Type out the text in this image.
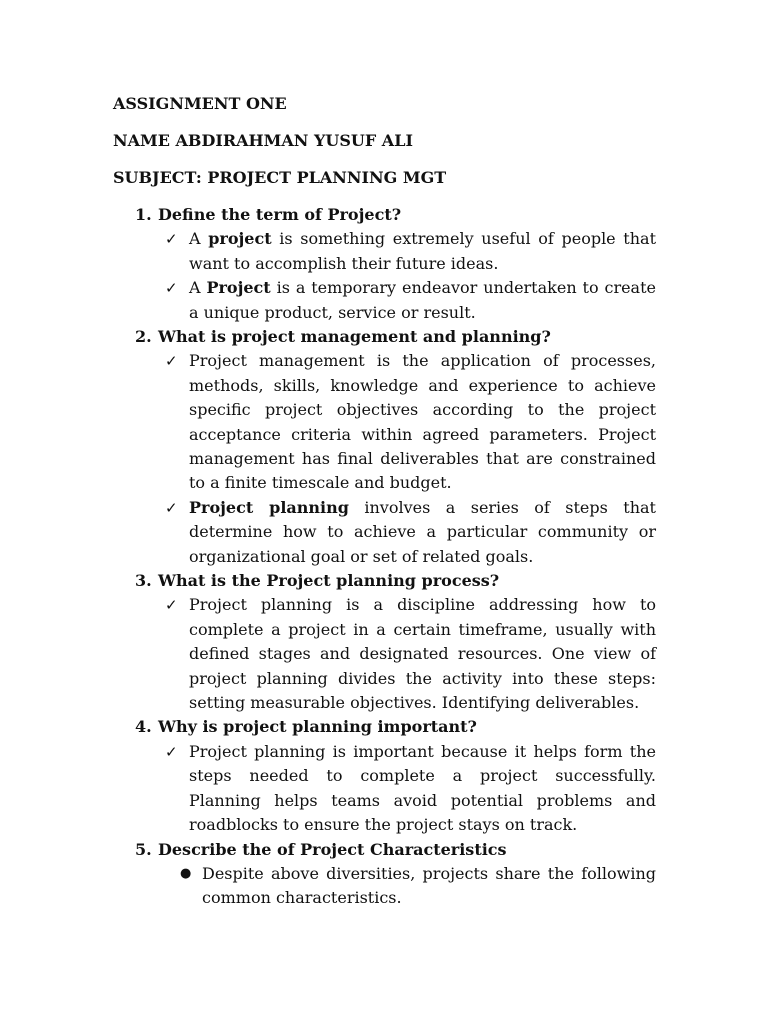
ASSIGNMENT ONE
NAME ABDIRAHMAN YUSUF ALI
SUBJECT: PROJECT PLANNING MGT
1. Define the term of Project?
✓ A project is something extremely useful of people that want to accomplish their future ideas.
✓ A Project is a temporary endeavor undertaken to create a unique product, service or result.
2. What is project management and planning?
✓ Project management is the application of processes, methods, skills, knowledge and experience to achieve specific project objectives according to the project acceptance criteria within agreed parameters. Project management has final deliverables that are constrained to a finite timescale and budget.
✓ Project planning involves a series of steps that determine how to achieve a particular community or organizational goal or set of related goals.
3. What is the Project planning process?
✓ Project planning is a discipline addressing how to complete a project in a certain timeframe, usually with defined stages and designated resources. One view of project planning divides the activity into these steps: setting measurable objectives. Identifying deliverables.
4. Why is project planning important?
✓ Project planning is important because it helps form the steps needed to complete a project successfully. Planning helps teams avoid potential problems and roadblocks to ensure the project stays on track.
5. Describe the of Project Characteristics
● Despite above diversities, projects share the following common characteristics.
